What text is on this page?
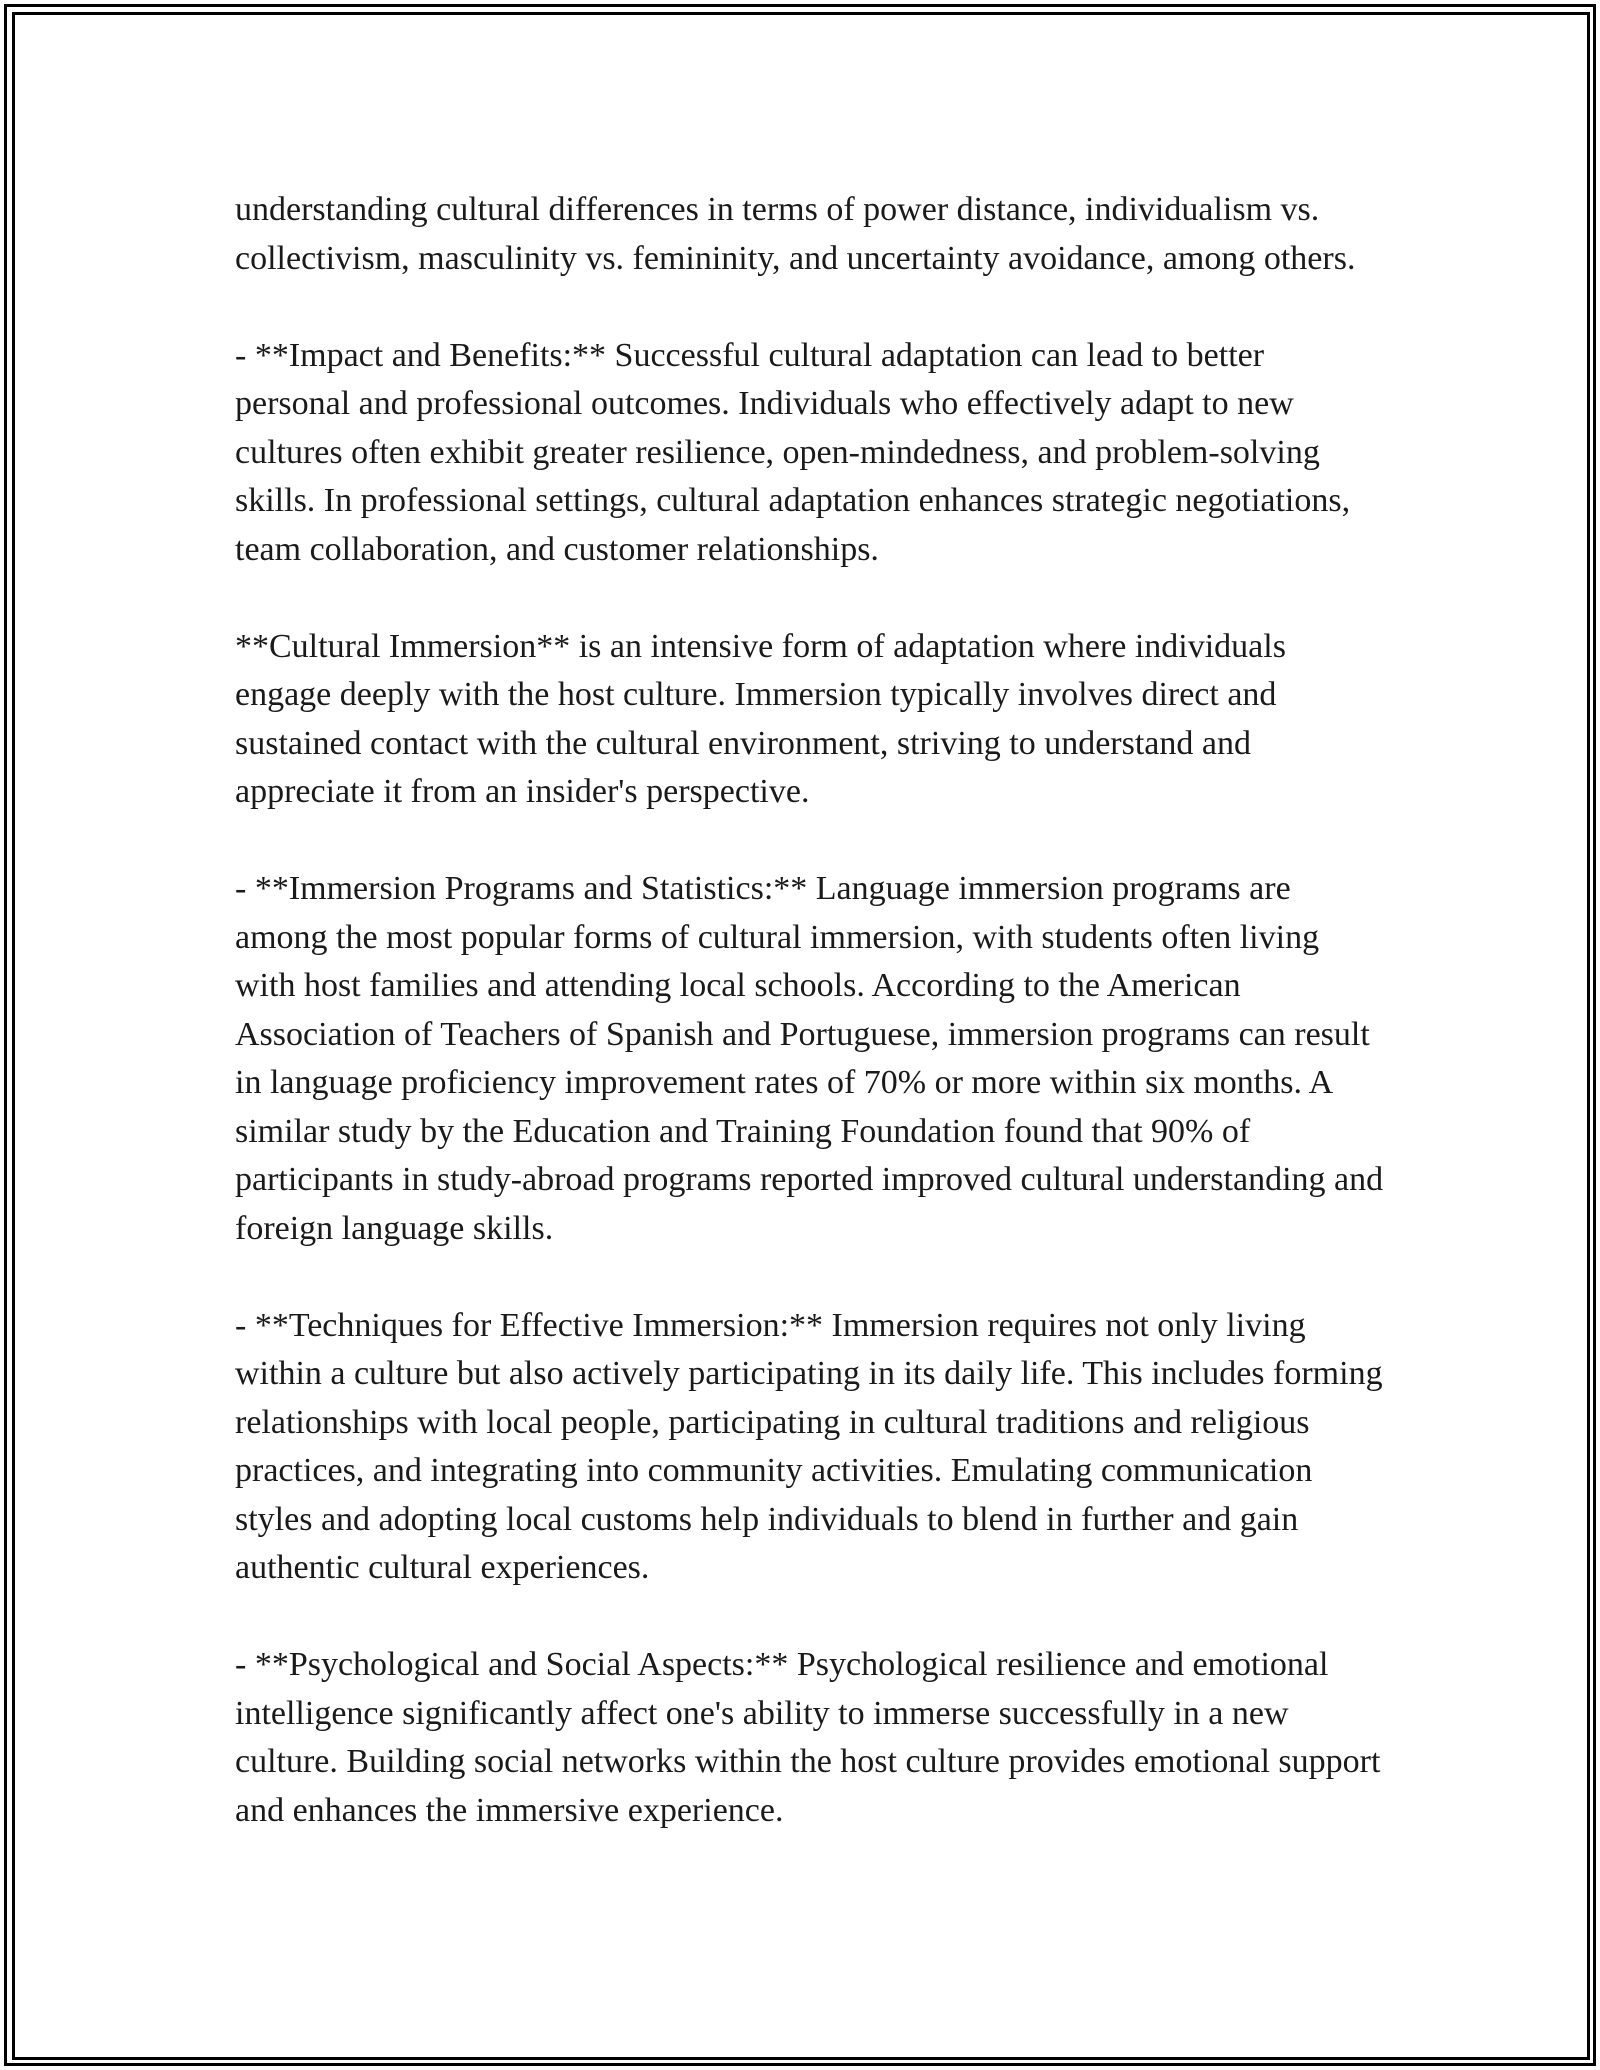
understanding cultural differences in terms of power distance, individualism vs. collectivism, masculinity vs. femininity, and uncertainty avoidance, among others.

- **Impact and Benefits:** Successful cultural adaptation can lead to better personal and professional outcomes. Individuals who effectively adapt to new cultures often exhibit greater resilience, open-mindedness, and problem-solving skills. In professional settings, cultural adaptation enhances strategic negotiations, team collaboration, and customer relationships.

**Cultural Immersion** is an intensive form of adaptation where individuals engage deeply with the host culture. Immersion typically involves direct and sustained contact with the cultural environment, striving to understand and appreciate it from an insider's perspective.

- **Immersion Programs and Statistics:** Language immersion programs are among the most popular forms of cultural immersion, with students often living with host families and attending local schools. According to the American Association of Teachers of Spanish and Portuguese, immersion programs can result in language proficiency improvement rates of 70% or more within six months. A similar study by the Education and Training Foundation found that 90% of participants in study-abroad programs reported improved cultural understanding and foreign language skills.

- **Techniques for Effective Immersion:** Immersion requires not only living within a culture but also actively participating in its daily life. This includes forming relationships with local people, participating in cultural traditions and religious practices, and integrating into community activities. Emulating communication styles and adopting local customs help individuals to blend in further and gain authentic cultural experiences.

- **Psychological and Social Aspects:** Psychological resilience and emotional intelligence significantly affect one's ability to immerse successfully in a new culture. Building social networks within the host culture provides emotional support and enhances the immersive experience.
